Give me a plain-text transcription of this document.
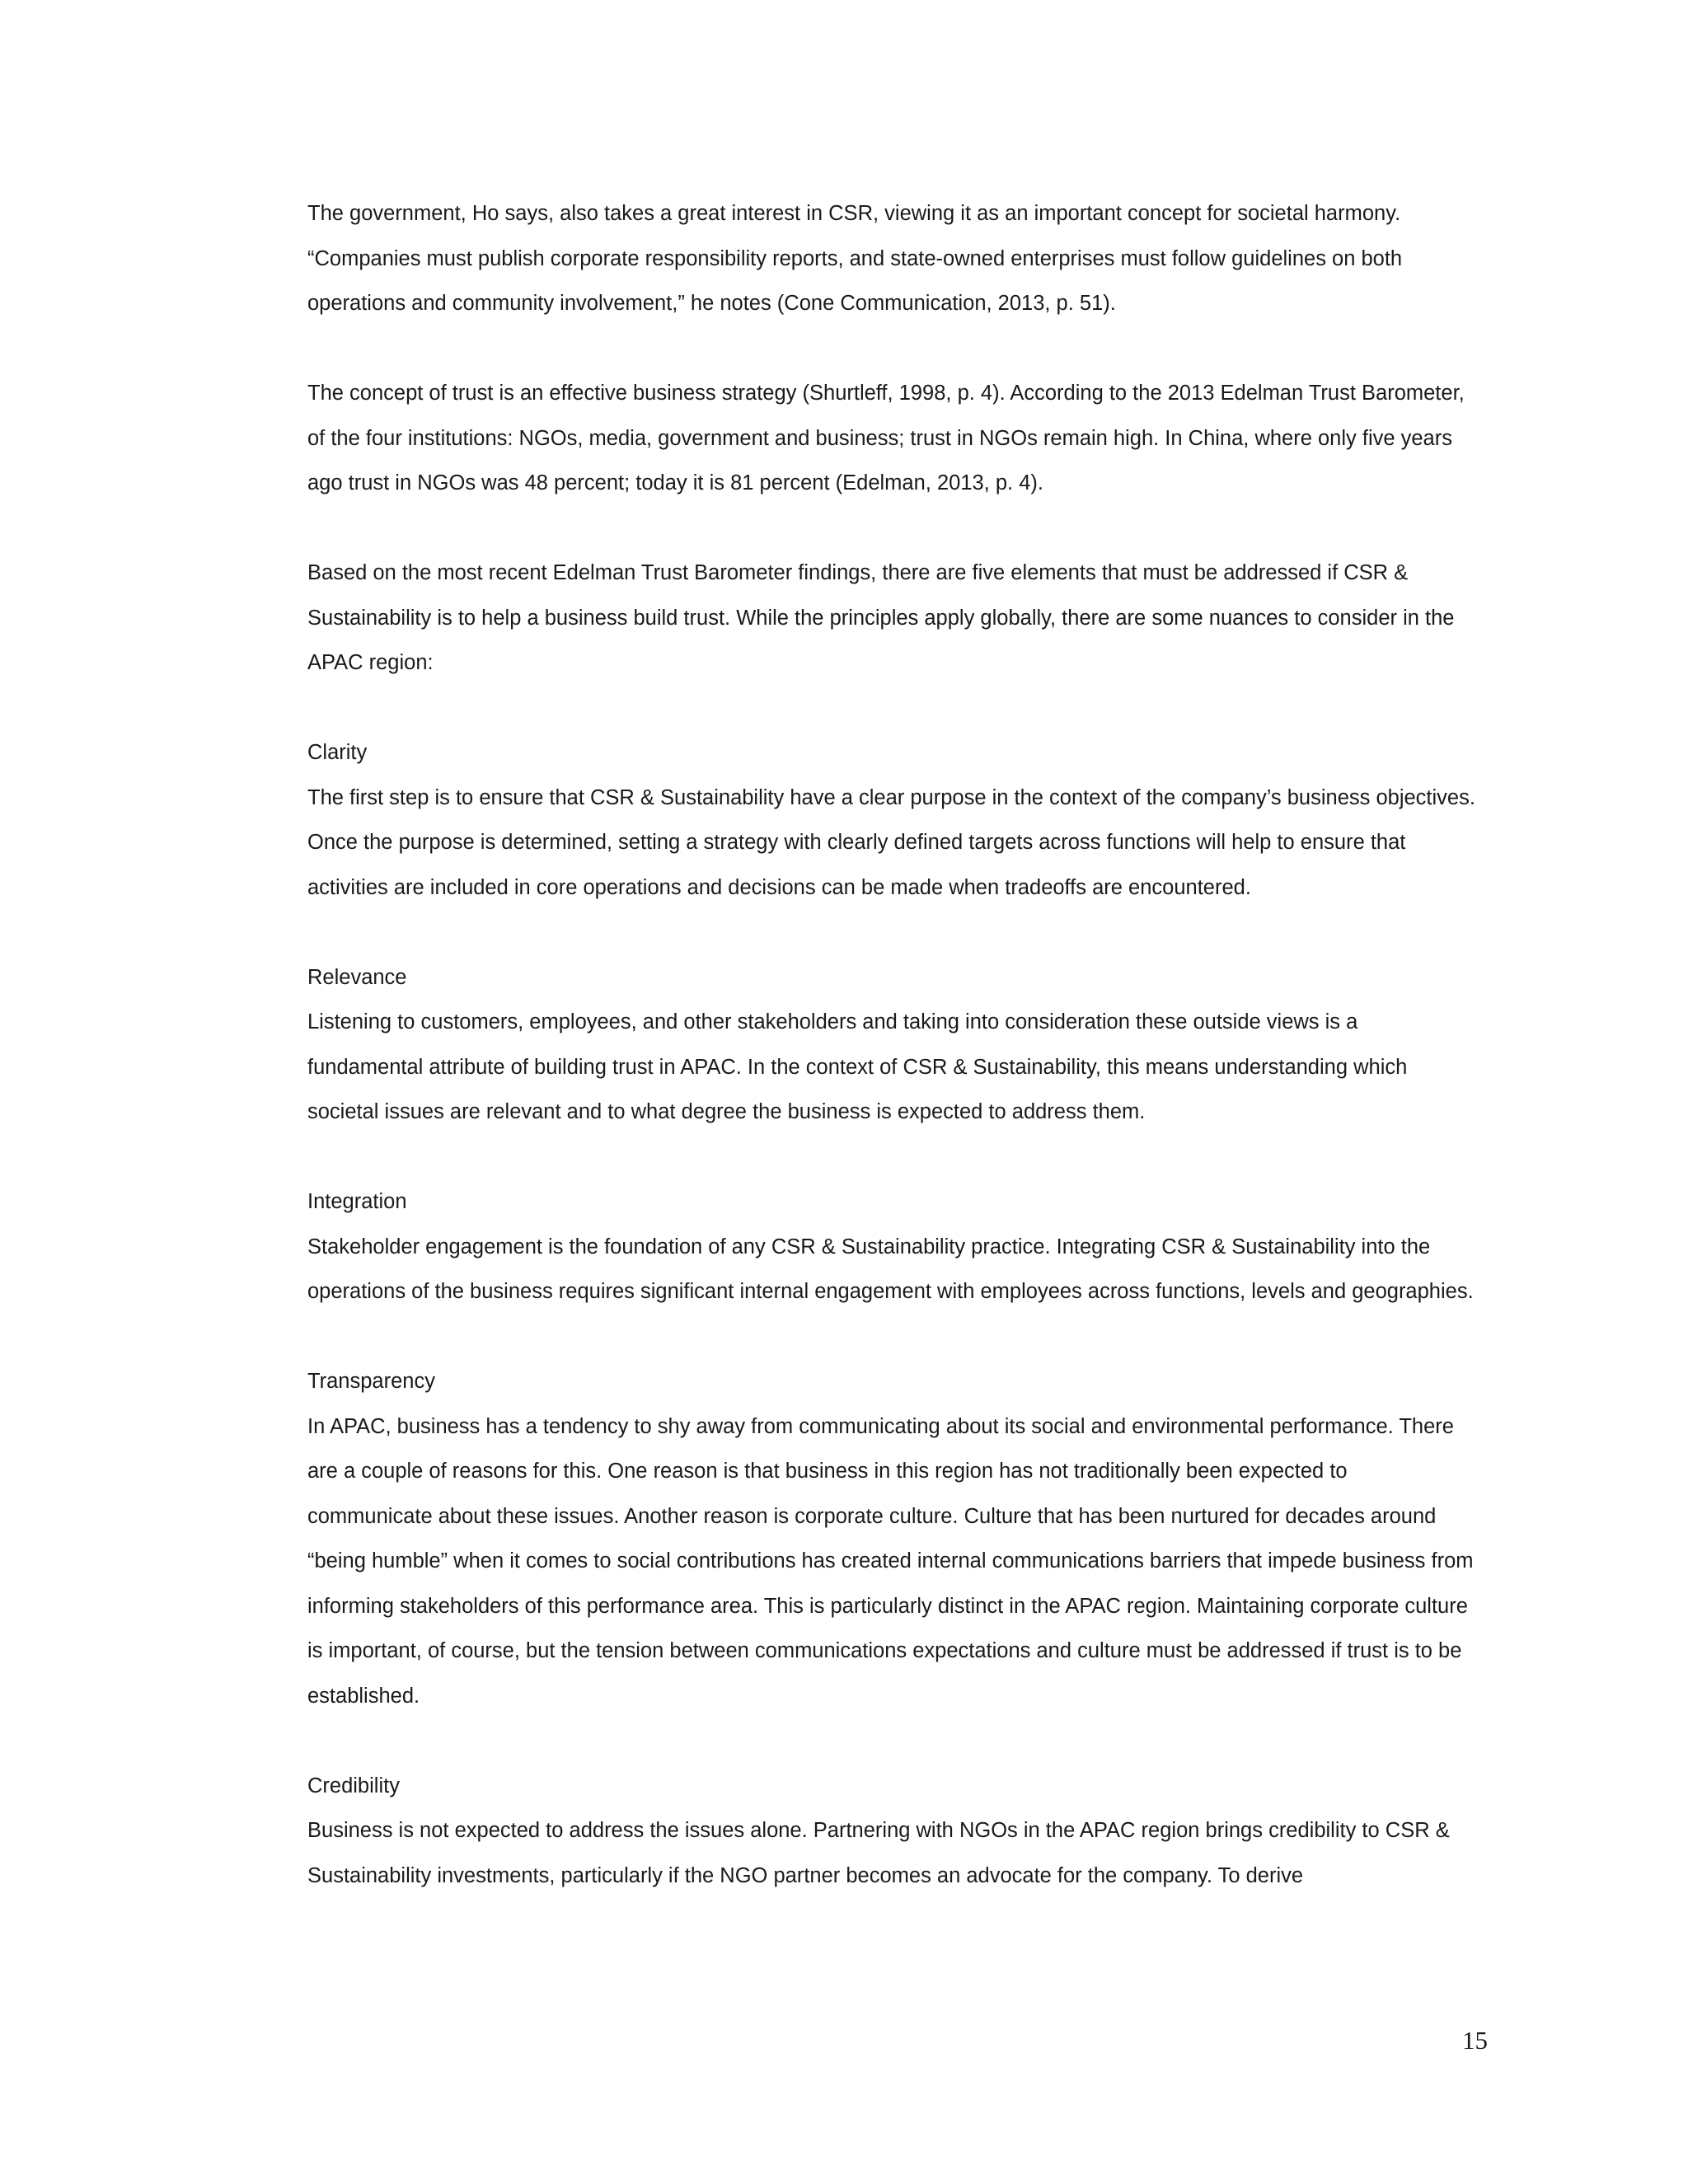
The government, Ho says, also takes a great interest in CSR, viewing it as an important concept for societal harmony. “Companies must publish corporate responsibility reports, and state-owned enterprises must follow guidelines on both operations and community involvement,” he notes (Cone Communication, 2013, p. 51).

The concept of trust is an effective business strategy (Shurtleff, 1998, p. 4). According to the 2013 Edelman Trust Barometer, of the four institutions: NGOs, media, government and business; trust in NGOs remain high. In China, where only five years ago trust in NGOs was 48 percent; today it is 81 percent (Edelman, 2013, p. 4).

Based on the most recent Edelman Trust Barometer findings, there are five elements that must be addressed if CSR & Sustainability is to help a business build trust. While the principles apply globally, there are some nuances to consider in the APAC region:

Clarity

The first step is to ensure that CSR & Sustainability have a clear purpose in the context of the company’s business objectives. Once the purpose is determined, setting a strategy with clearly defined targets across functions will help to ensure that activities are included in core operations and decisions can be made when tradeoffs are encountered.

Relevance

Listening to customers, employees, and other stakeholders and taking into consideration these outside views is a fundamental attribute of building trust in APAC. In the context of CSR & Sustainability, this means understanding which societal issues are relevant and to what degree the business is expected to address them.

Integration

Stakeholder engagement is the foundation of any CSR & Sustainability practice. Integrating CSR & Sustainability into the operations of the business requires significant internal engagement with employees across functions, levels and geographies.

Transparency

In APAC, business has a tendency to shy away from communicating about its social and environmental performance. There are a couple of reasons for this. One reason is that business in this region has not traditionally been expected to communicate about these issues. Another reason is corporate culture. Culture that has been nurtured for decades around “being humble” when it comes to social contributions has created internal communications barriers that impede business from informing stakeholders of this performance area. This is particularly distinct in the APAC region. Maintaining corporate culture is important, of course, but the tension between communications expectations and culture must be addressed if trust is to be established.

Credibility

Business is not expected to address the issues alone. Partnering with NGOs in the APAC region brings credibility to CSR & Sustainability investments, particularly if the NGO partner becomes an advocate for the company. To derive

15
